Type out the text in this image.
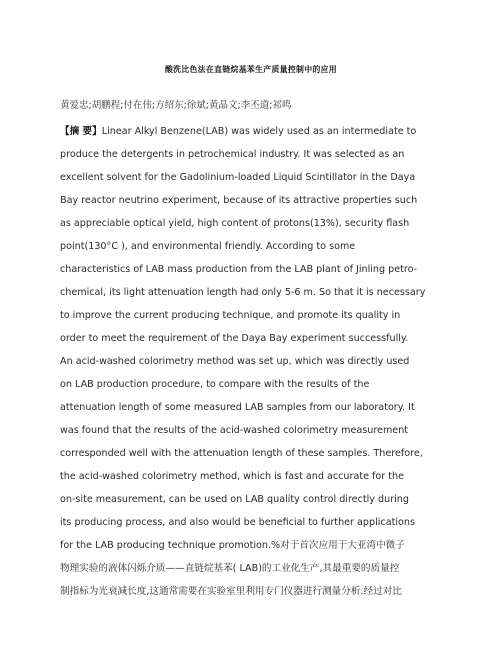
酸洗比色法在直链烷基苯生产质量控制中的应用
黄爱忠;胡鹏程;付在伟;方绍东;徐斌;黄晶文;李丕道;祁鸣
【摘 要】Linear Alkyl Benzene(LAB) was widely used as an intermediate to
produce the detergents in petrochemical industry. It was selected as an
excellent solvent for the Gadolinium-loaded Liquid Scintillator in the Daya
Bay reactor neutrino experiment, because of its attractive properties such
as appreciable optical yield, high content of protons(13%), security flash
point(130°C ), and environmental friendly. According to some
characteristics of LAB mass production from the LAB plant of Jinling petro-
chemical, its light attenuation length had only 5-6 m. So that it is necessary
to improve the current producing technique, and promote its quality in
order to meet the requirement of the Daya Bay experiment successfully.
An acid-washed colorimetry method was set up, which was directly used
on LAB production procedure, to compare with the results of the
attenuation length of some measured LAB samples from our laboratory. It
was found that the results of the acid-washed colorimetry measurement
corresponded well with the attenuation length of these samples. Therefore,
the acid-washed colorimetry method, which is fast and accurate for the
on-site measurement, can be used on LAB quality control directly during
its producing process, and also would be beneficial to further applications
for the LAB producing technique promotion.%对于首次应用于大亚湾中微子
物理实验的液体闪烁介质——直链烷基苯( LAB)的工业化生产,其最重要的质量控
制指标为光衰减长度,这通常需要在实验室里利用专门仪器进行测量分析.经过对比
